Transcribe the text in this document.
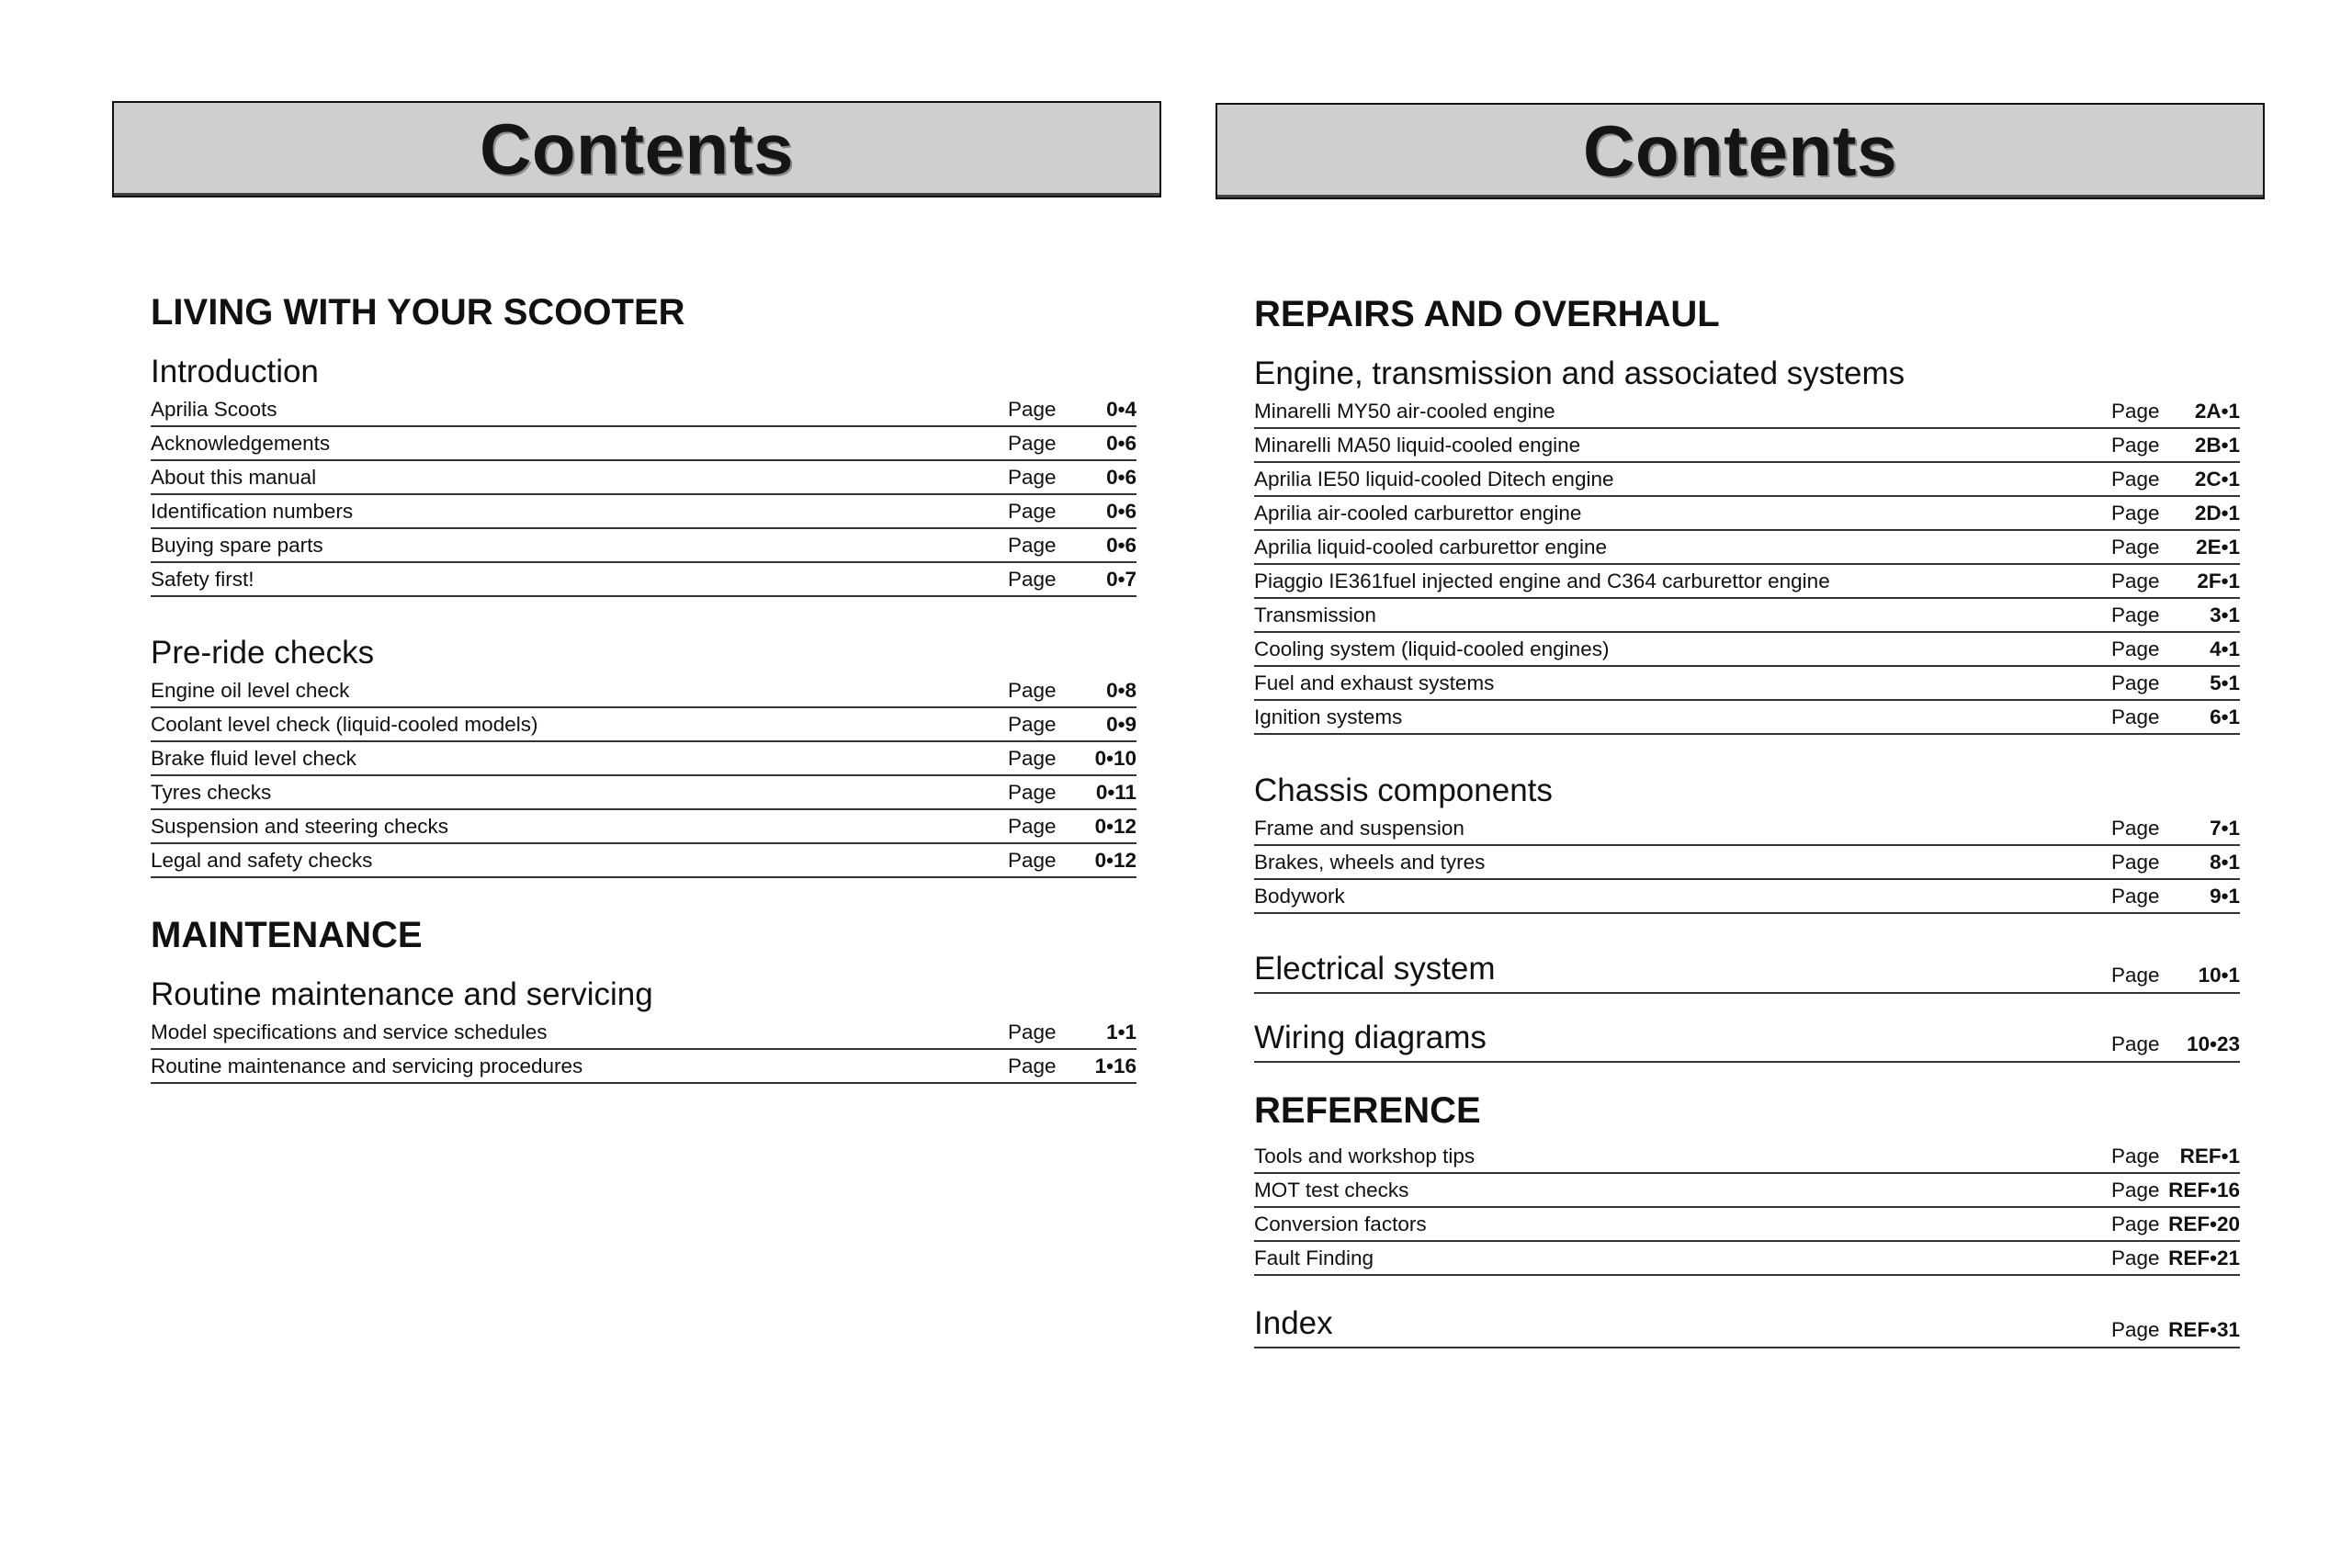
Contents
LIVING WITH YOUR SCOOTER
Introduction
Aprilia Scoots	Page	0•4
Acknowledgements	Page	0•6
About this manual	Page	0•6
Identification numbers	Page	0•6
Buying spare parts	Page	0•6
Safety first!	Page	0•7
Pre-ride checks
Engine oil level check	Page	0•8
Coolant level check (liquid-cooled models)	Page	0•9
Brake fluid level check	Page	0•10
Tyres checks	Page	0•11
Suspension and steering checks	Page	0•12
Legal and safety checks	Page	0•12
MAINTENANCE
Routine maintenance and servicing
Model specifications and service schedules	Page	1•1
Routine maintenance and servicing procedures	Page	1•16
Contents
REPAIRS AND OVERHAUL
Engine, transmission and associated systems
Minarelli MY50 air-cooled engine	Page	2A•1
Minarelli MA50 liquid-cooled engine	Page	2B•1
Aprilia IE50 liquid-cooled Ditech engine	Page	2C•1
Aprilia air-cooled carburettor engine	Page	2D•1
Aprilia liquid-cooled carburettor engine	Page	2E•1
Piaggio IE361fuel injected engine and C364 carburettor engine	Page	2F•1
Transmission	Page	3•1
Cooling system (liquid-cooled engines)	Page	4•1
Fuel and exhaust systems	Page	5•1
Ignition systems	Page	6•1
Chassis components
Frame and suspension	Page	7•1
Brakes, wheels and tyres	Page	8•1
Bodywork	Page	9•1
Electrical system	Page	10•1
Wiring diagrams	Page	10•23
REFERENCE
Tools and workshop tips	Page REF•1
MOT test checks	Page REF•16
Conversion factors	Page REF•20
Fault Finding	Page REF•21
Index	Page REF•31
